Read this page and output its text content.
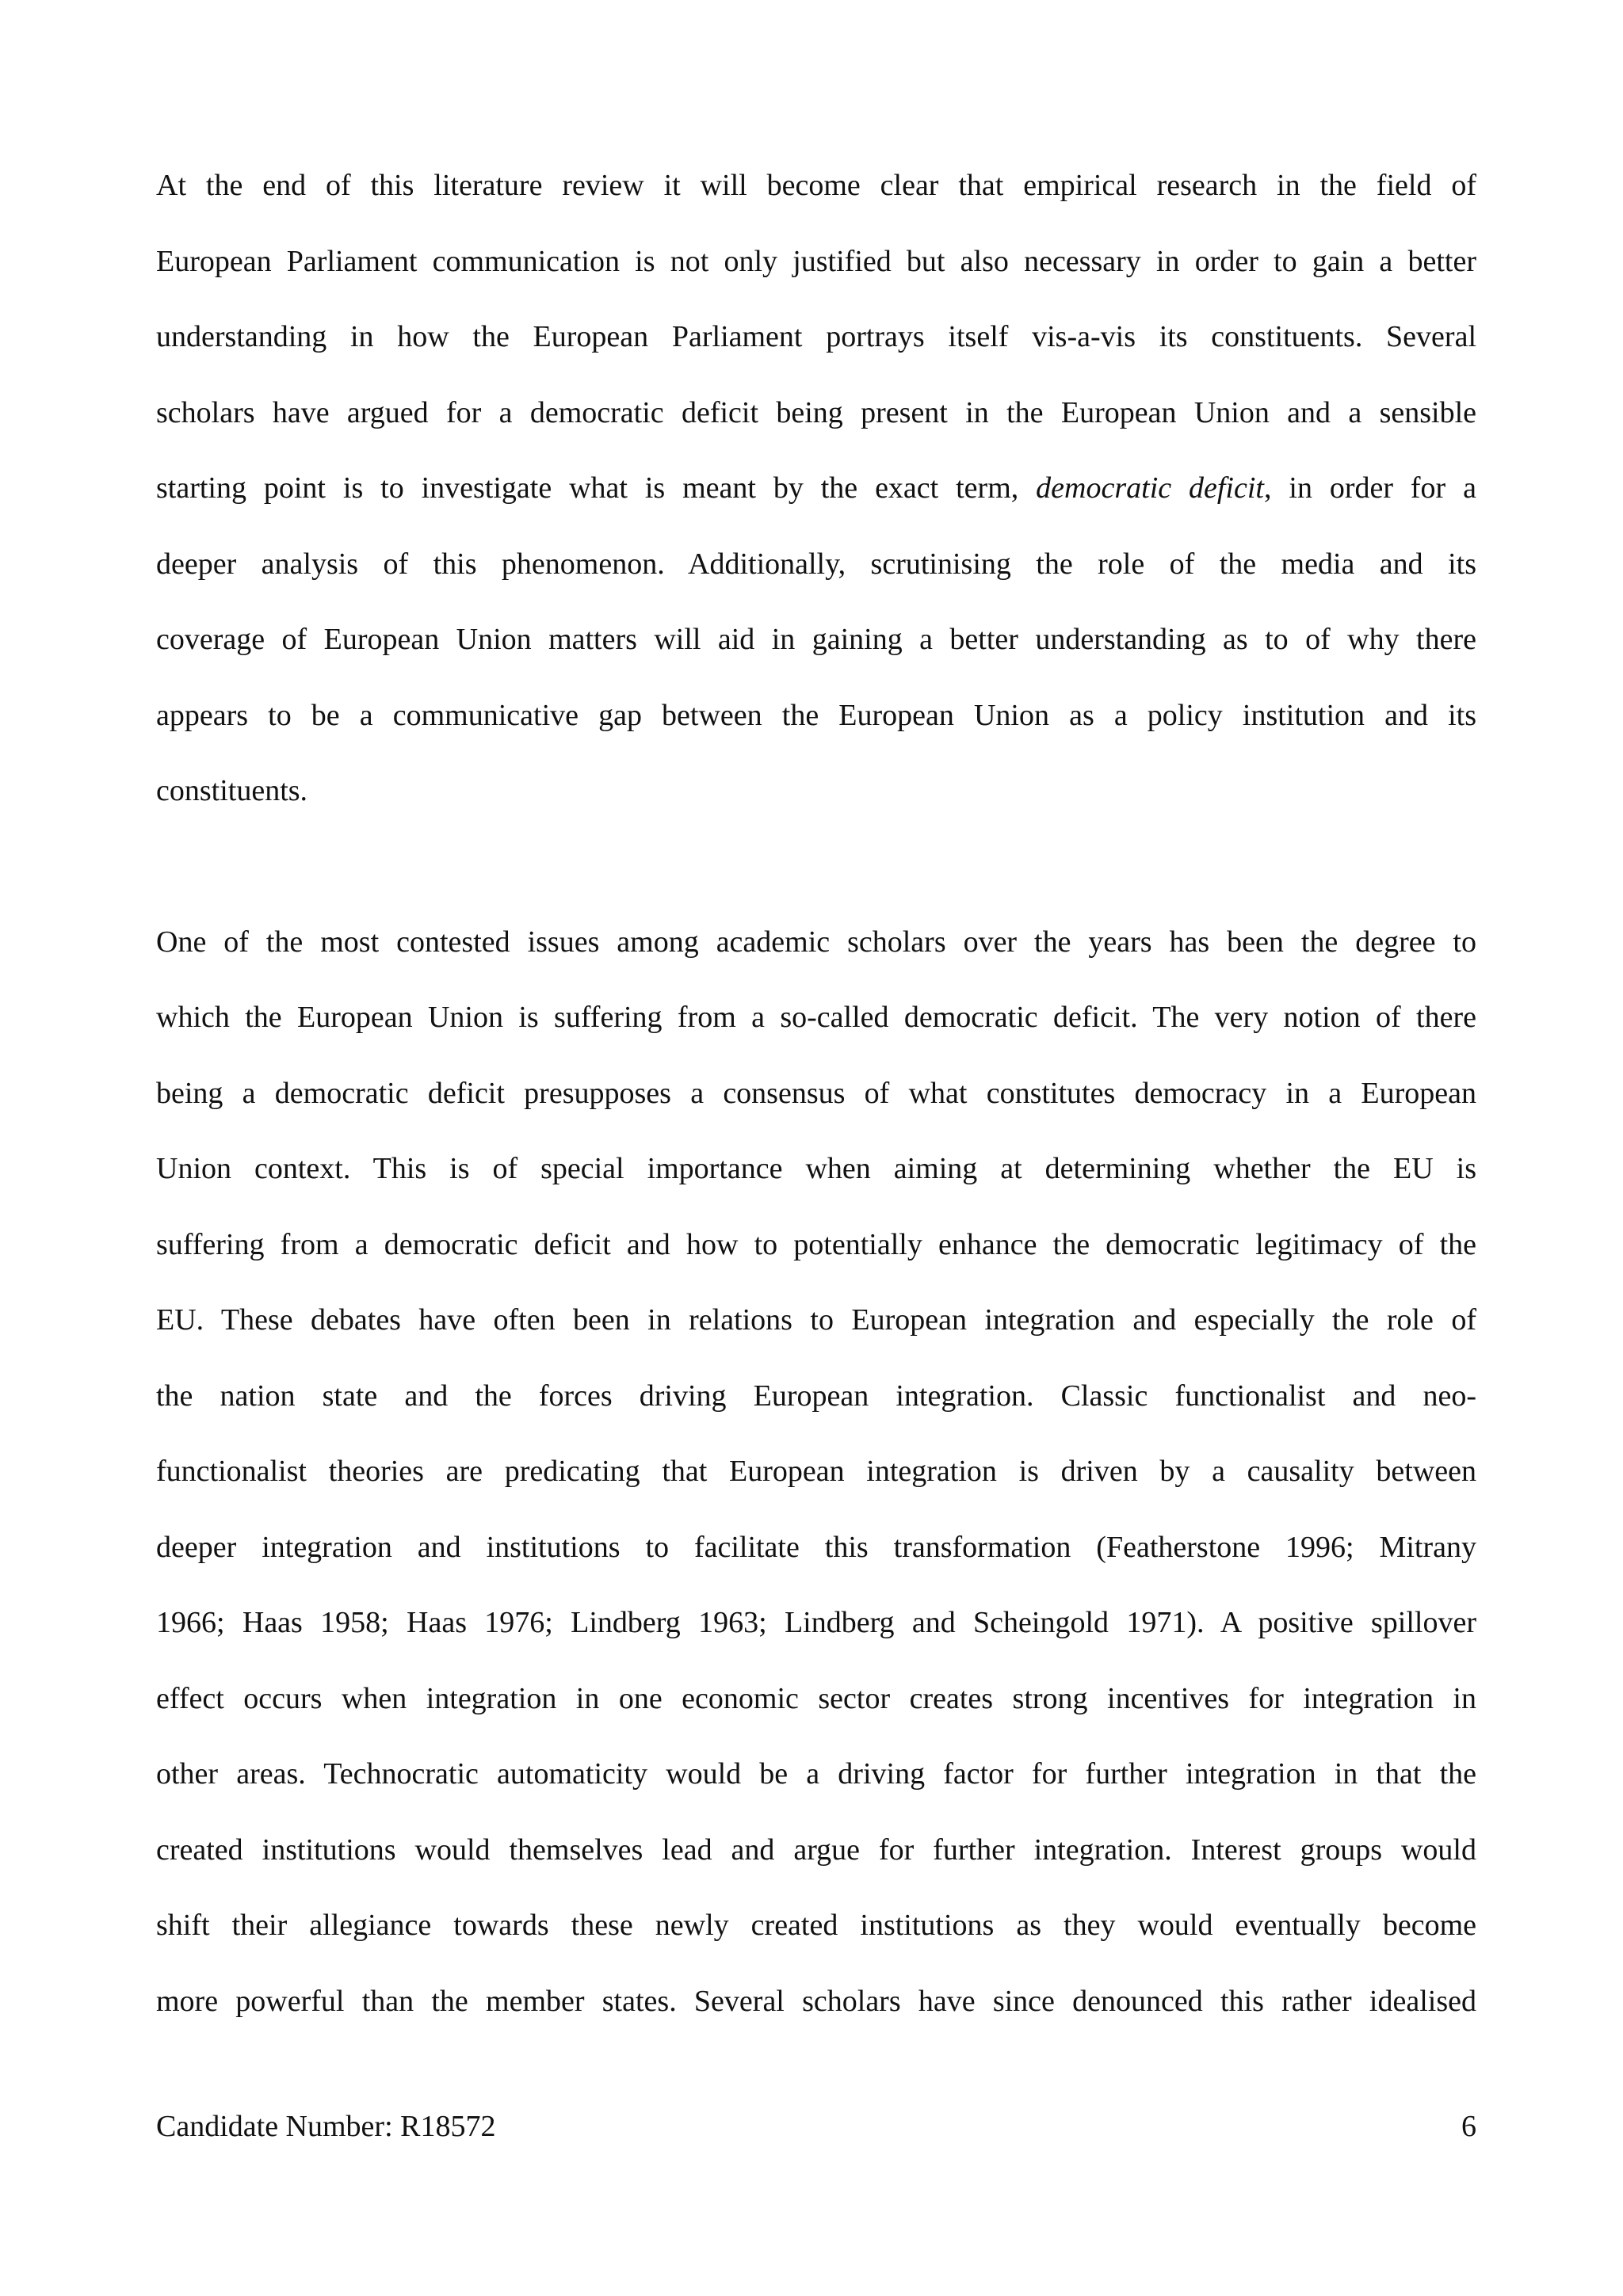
At the end of this literature review it will become clear that empirical research in the field of
European Parliament communication is not only justified but also necessary in order to gain a better
understanding in how the European Parliament portrays itself vis-a-vis its constituents. Several
scholars have argued for a democratic deficit being present in the European Union and a sensible
starting point is to investigate what is meant by the exact term, democratic deficit, in order for a
deeper analysis of this phenomenon. Additionally, scrutinising the role of the media and its
coverage of European Union matters will aid in gaining a better understanding as to of why there
appears to be a communicative gap between the European Union as a policy institution and its
constituents.

One of the most contested issues among academic scholars over the years has been the degree to
which the European Union is suffering from a so-called democratic deficit. The very notion of there
being a democratic deficit presupposes a consensus of what constitutes democracy in a European
Union context. This is of special importance when aiming at determining whether the EU is
suffering from a democratic deficit and how to potentially enhance the democratic legitimacy of the
EU. These debates have often been in relations to European integration and especially the role of
the nation state and the forces driving European integration. Classic functionalist and neo-
functionalist theories are predicating that European integration is driven by a causality between
deeper integration and institutions to facilitate this transformation (Featherstone 1996; Mitrany
1966; Haas 1958; Haas 1976; Lindberg 1963; Lindberg and Scheingold 1971). A positive spillover
effect occurs when integration in one economic sector creates strong incentives for integration in
other areas. Technocratic automaticity would be a driving factor for further integration in that the
created institutions would themselves lead and argue for further integration. Interest groups would
shift their allegiance towards these newly created institutions as they would eventually become
more powerful than the member states. Several scholars have since denounced this rather idealised

Candidate Number: R18572	6
